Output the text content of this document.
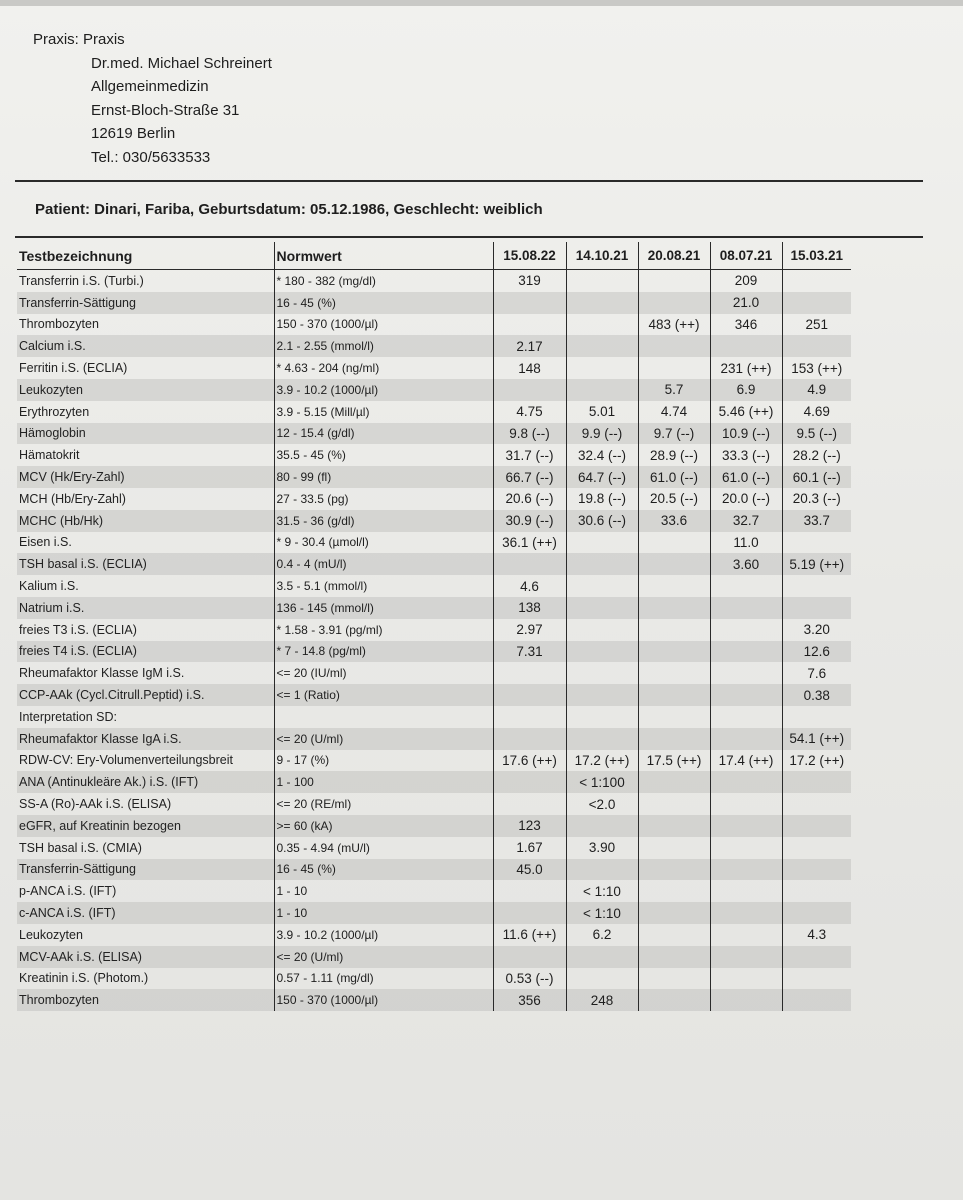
Praxis: Praxis
Dr.med. Michael Schreinert
Allgemeinmedizin
Ernst-Bloch-Straße 31
12619 Berlin
Tel.: 030/5633533
Patient: Dinari, Fariba, Geburtsdatum: 05.12.1986, Geschlecht: weiblich
Testbezeichnung	Normwert	15.08.22	14.10.21	20.08.21	08.07.21	15.03.21
Transferrin i.S. (Turbi.)	* 180 - 382 (mg/dl)	319			209	
Transferrin-Sättigung	16 - 45 (%)				21.0	
Thrombozyten	150 - 370 (1000/µl)			483 (++)	346	251
Calcium i.S.	2.1 - 2.55 (mmol/l)	2.17				
Ferritin i.S. (ECLIA)	* 4.63 - 204 (ng/ml)	148			231 (++)	153 (++)
Leukozyten	3.9 - 10.2 (1000/µl)			5.7	6.9	4.9
Erythrozyten	3.9 - 5.15 (Mill/µl)	4.75	5.01	4.74	5.46 (++)	4.69
Hämoglobin	12 - 15.4 (g/dl)	9.8 (--)	9.9 (--)	9.7 (--)	10.9 (--)	9.5 (--)
Hämatokrit	35.5 - 45 (%)	31.7 (--)	32.4 (--)	28.9 (--)	33.3 (--)	28.2 (--)
MCV (Hk/Ery-Zahl)	80 - 99 (fl)	66.7 (--)	64.7 (--)	61.0 (--)	61.0 (--)	60.1 (--)
MCH (Hb/Ery-Zahl)	27 - 33.5 (pg)	20.6 (--)	19.8 (--)	20.5 (--)	20.0 (--)	20.3 (--)
MCHC (Hb/Hk)	31.5 - 36 (g/dl)	30.9 (--)	30.6 (--)	33.6	32.7	33.7
Eisen i.S.	* 9 - 30.4 (µmol/l)	36.1 (++)			11.0	
TSH basal i.S. (ECLIA)	0.4 - 4 (mU/l)				3.60	5.19 (++)
Kalium i.S.	3.5 - 5.1 (mmol/l)	4.6				
Natrium i.S.	136 - 145 (mmol/l)	138				
freies T3 i.S. (ECLIA)	* 1.58 - 3.91 (pg/ml)	2.97				3.20
freies T4 i.S. (ECLIA)	* 7 - 14.8 (pg/ml)	7.31				12.6
Rheumafaktor Klasse IgM i.S.	<= 20 (IU/ml)					7.6
CCP-AAk (Cycl.Citrull.Peptid) i.S.	<= 1 (Ratio)					0.38
Interpretation SD:						
Rheumafaktor Klasse IgA i.S.	<= 20 (U/ml)					54.1 (++)
RDW-CV: Ery-Volumenverteilungsbreit	9 - 17 (%)	17.6 (++)	17.2 (++)	17.5 (++)	17.4 (++)	17.2 (++)
ANA (Antinukleäre Ak.) i.S. (IFT)	1 - 100		< 1:100			
SS-A (Ro)-AAk i.S. (ELISA)	<= 20 (RE/ml)		<2.0			
eGFR, auf Kreatinin bezogen	>= 60 (kA)	123				
TSH basal i.S. (CMIA)	0.35 - 4.94 (mU/l)	1.67	3.90			
Transferrin-Sättigung	16 - 45 (%)	45.0				
p-ANCA i.S. (IFT)	1 - 10		< 1:10			
c-ANCA i.S. (IFT)	1 - 10		< 1:10			
Leukozyten	3.9 - 10.2 (1000/µl)	11.6 (++)	6.2			4.3
MCV-AAk i.S. (ELISA)	<= 20 (U/ml)					
Kreatinin i.S. (Photom.)	0.57 - 1.11 (mg/dl)	0.53 (--)				
Thrombozyten	150 - 370 (1000/µl)	356	248			
